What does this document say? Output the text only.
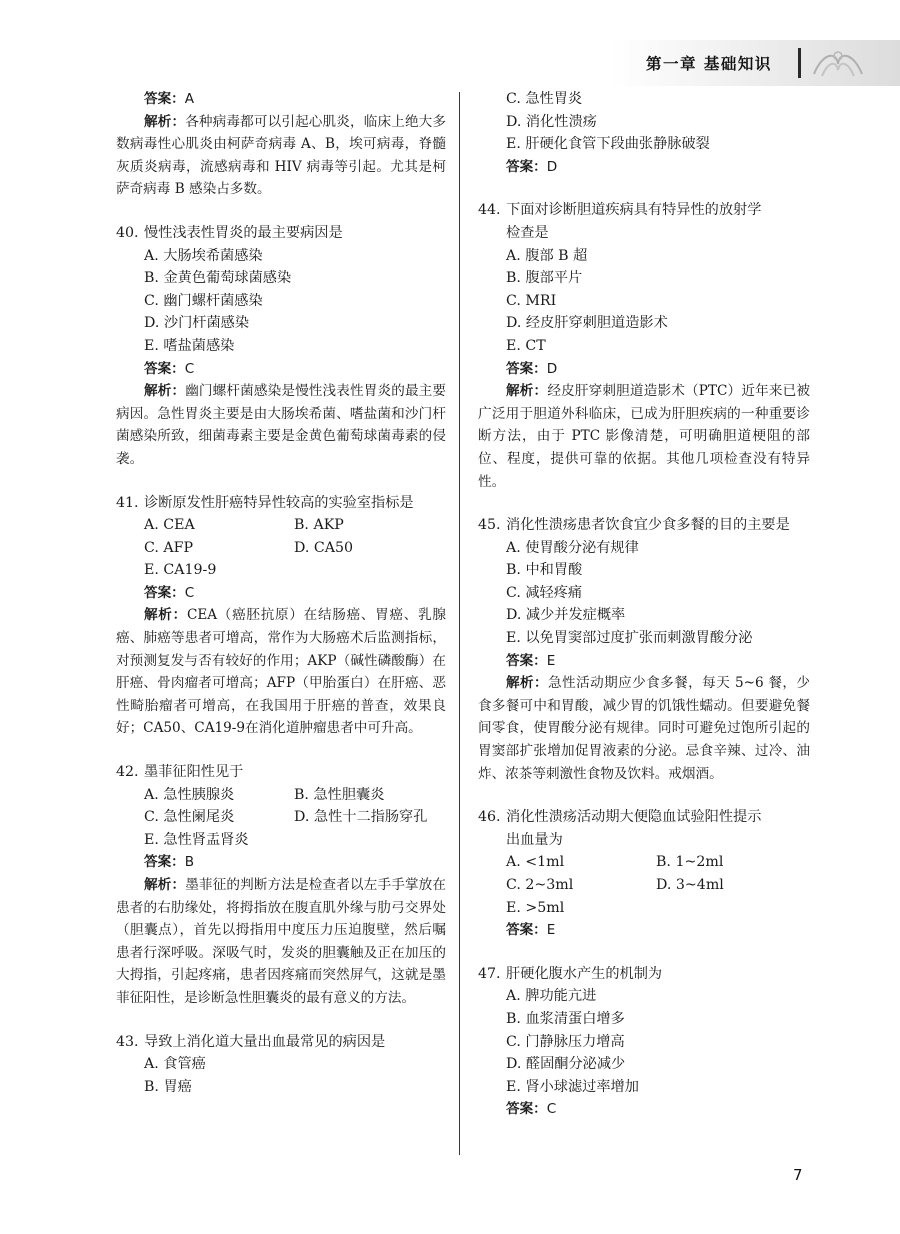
第一章 基础知识
答案：A
解析：各种病毒都可以引起心肌炎，临床上绝大多数病毒性心肌炎由柯萨奇病毒 A、B，埃可病毒，脊髓灰质炎病毒，流感病毒和 HIV 病毒等引起。尤其是柯萨奇病毒 B 感染占多数。
40. 慢性浅表性胃炎的最主要病因是
A. 大肠埃希菌感染
B. 金黄色葡萄球菌感染
C. 幽门螺杆菌感染
D. 沙门杆菌感染
E. 嗜盐菌感染
答案：C
解析：幽门螺杆菌感染是慢性浅表性胃炎的最主要病因。急性胃炎主要是由大肠埃希菌、嗜盐菌和沙门杆菌感染所致，细菌毒素主要是金黄色葡萄球菌毒素的侵袭。
41. 诊断原发性肝癌特异性较高的实验室指标是
A. CEA	B. AKP
C. AFP	D. CA50
E. CA19-9
答案：C
解析：CEA（癌胚抗原）在结肠癌、胃癌、乳腺癌、肺癌等患者可增高，常作为大肠癌术后监测指标，对预测复发与否有较好的作用；AKP（碱性磷酸酶）在肝癌、骨肉瘤者可增高；AFP（甲胎蛋白）在肝癌、恶性畸胎瘤者可增高，在我国用于肝癌的普查，效果良好；CA50、CA19-9在消化道肿瘤患者中可升高。
42. 墨菲征阳性见于
A. 急性胰腺炎	B. 急性胆囊炎
C. 急性阑尾炎	D. 急性十二指肠穿孔
E. 急性肾盂肾炎
答案：B
解析：墨菲征的判断方法是检查者以左手手掌放在患者的右肋缘处，将拇指放在腹直肌外缘与肋弓交界处（胆囊点），首先以拇指用中度压力压迫腹壁，然后嘱患者行深呼吸。深吸气时，发炎的胆囊触及正在加压的大拇指，引起疼痛，患者因疼痛而突然屏气，这就是墨菲征阳性，是诊断急性胆囊炎的最有意义的方法。
43. 导致上消化道大量出血最常见的病因是
A. 食管癌
B. 胃癌
C. 急性胃炎
D. 消化性溃疡
E. 肝硬化食管下段曲张静脉破裂
答案：D
44. 下面对诊断胆道疾病具有特异性的放射学
检查是
A. 腹部 B 超
B. 腹部平片
C. MRI
D. 经皮肝穿刺胆道造影术
E. CT
答案：D
解析：经皮肝穿刺胆道造影术（PTC）近年来已被广泛用于胆道外科临床，已成为肝胆疾病的一种重要诊断方法，由于 PTC 影像清楚，可明确胆道梗阻的部位、程度，提供可靠的依据。其他几项检查没有特异性。
45. 消化性溃疡患者饮食宜少食多餐的目的主要是
A. 使胃酸分泌有规律
B. 中和胃酸
C. 减轻疼痛
D. 减少并发症概率
E. 以免胃窦部过度扩张而刺激胃酸分泌
答案：E
解析：急性活动期应少食多餐，每天 5~6 餐，少食多餐可中和胃酸，减少胃的饥饿性蠕动。但要避免餐间零食，使胃酸分泌有规律。同时可避免过饱所引起的胃窦部扩张增加促胃液素的分泌。忌食辛辣、过冷、油炸、浓茶等刺激性食物及饮料。戒烟酒。
46. 消化性溃疡活动期大便隐血试验阳性提示
出血量为
A. <1ml	B. 1~2ml
C. 2~3ml	D. 3~4ml
E. >5ml
答案：E
47. 肝硬化腹水产生的机制为
A. 脾功能亢进
B. 血浆清蛋白增多
C. 门静脉压力增高
D. 醛固酮分泌减少
E. 肾小球滤过率增加
答案：C
7
